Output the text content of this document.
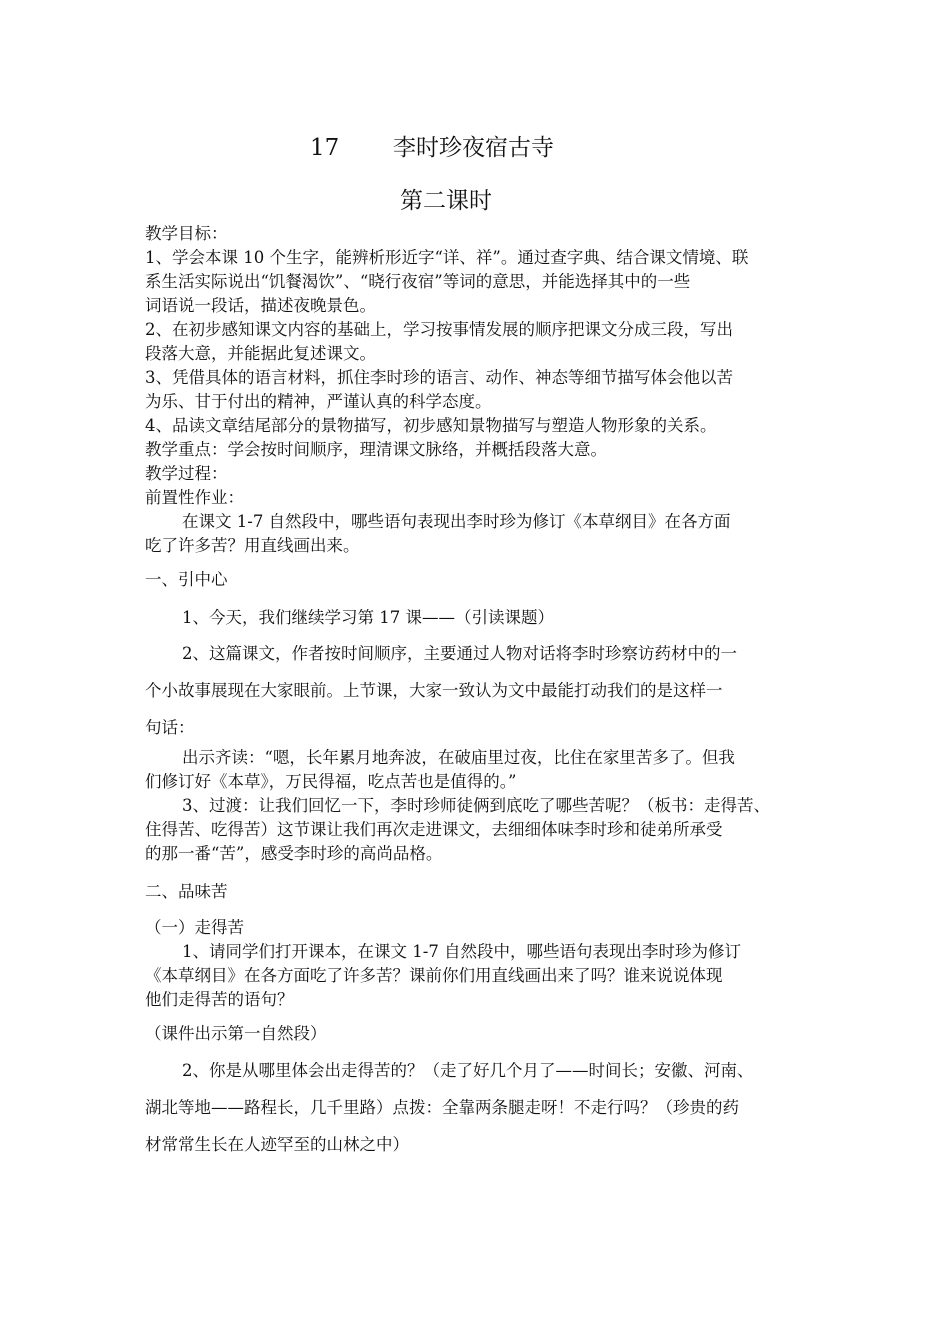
17 李时珍夜宿古寺
第二课时

教学目标：

1、学会本课 10 个生字，能辨析形近字“详、祥”。通过查字典、结合课文情境、联

系生活实际说出“饥餐渴饮”、“晓行夜宿”等词的意思，并能选择其中的一些

词语说一段话，描述夜晚景色。

2、在初步感知课文内容的基础上，学习按事情发展的顺序把课文分成三段，写出

段落大意，并能据此复述课文。

3、凭借具体的语言材料，抓住李时珍的语言、动作、神态等细节描写体会他以苦

为乐、甘于付出的精神，严谨认真的科学态度。

4、品读文章结尾部分的景物描写，初步感知景物描写与塑造人物形象的关系。

教学重点：学会按时间顺序，理清课文脉络，并概括段落大意。

教学过程：

前置性作业：

在课文 1-7 自然段中，哪些语句表现出李时珍为修订《本草纲目》在各方面

吃了许多苦？用直线画出来。

一、引中心

1、今天，我们继续学习第 17 课——（引读课题）

2、这篇课文，作者按时间顺序，主要通过人物对话将李时珍察访药材中的一

个小故事展现在大家眼前。上节课，大家一致认为文中最能打动我们的是这样一

句话：

出示齐读：“嗯，长年累月地奔波，在破庙里过夜，比住在家里苦多了。但我

们修订好《本草》，万民得福，吃点苦也是值得的。”

3、过渡：让我们回忆一下，李时珍师徒俩到底吃了哪些苦呢？（板书：走得苦、

住得苦、吃得苦）这节课让我们再次走进课文，去细细体味李时珍和徒弟所承受

的那一番“苦”，感受李时珍的高尚品格。

二、品味苦

（一）走得苦

1、请同学们打开课本，在课文 1-7 自然段中，哪些语句表现出李时珍为修订

《本草纲目》在各方面吃了许多苦？课前你们用直线画出来了吗？谁来说说体现

他们走得苦的语句？

（课件出示第一自然段）

2、你是从哪里体会出走得苦的？（走了好几个月了——时间长；安徽、河南、

湖北等地——路程长，几千里路）点拨：全靠两条腿走呀！不走行吗？（珍贵的药

材常常生长在人迹罕至的山林之中）
